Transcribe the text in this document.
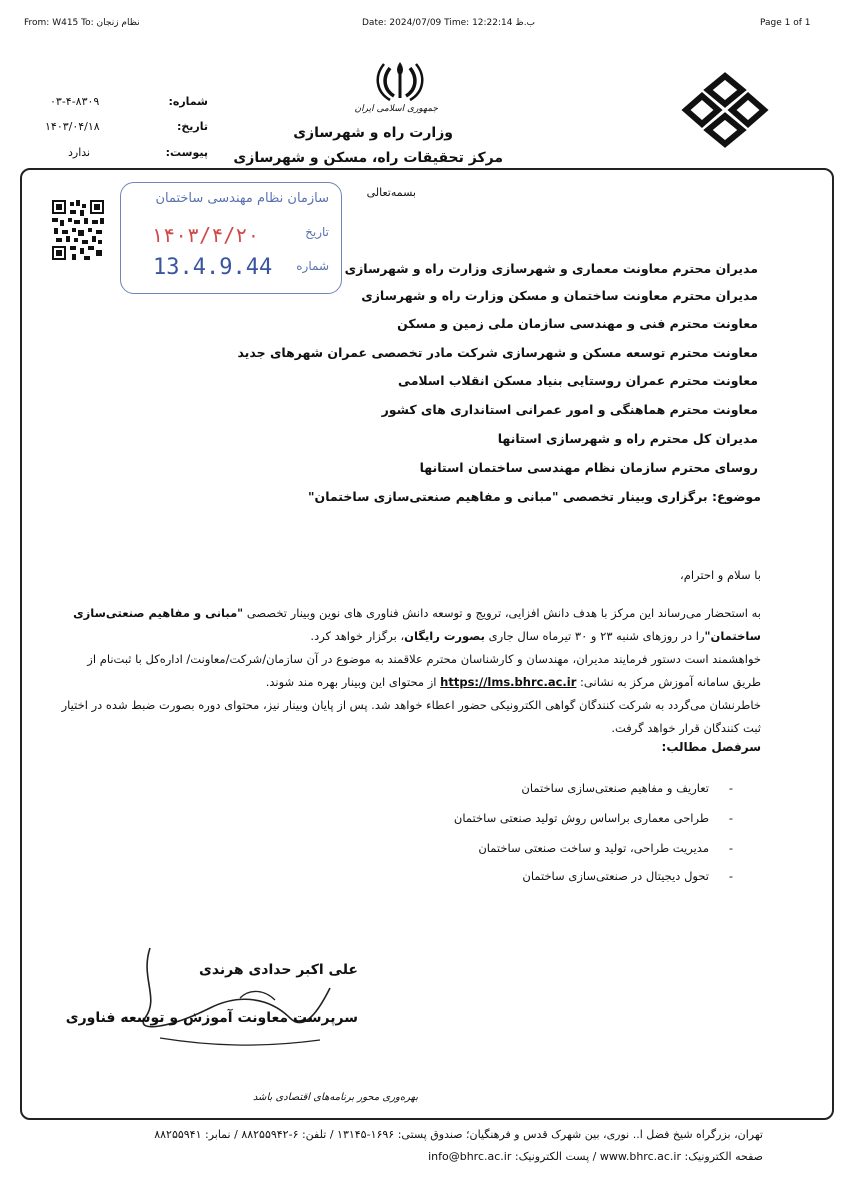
From: W415 To: نظام زنجان	Date: 2024/07/09 Time: 12:22:14 ب.ظ	Page 1 of 1
شماره:
۰۳-۴-۸۳۰۹
تاریخ:
۱۴۰۳/۰۴/۱۸
پیوست:
ندارد
جمهوری اسلامی ایران
وزارت راه و شهرسازی
مرکز تحقیقات راه، مسکن و شهرسازی
بسمه‌تعالی
سازمان نظام مهندسی ساختمان
تاریخ
۱۴۰۳/۴/۲۰
شماره
13.4.9.44	مدیران محترم معاونت معماری و شهرسازی وزارت راه و شهرسازی
مدیران محترم معاونت ساختمان و مسکن وزارت راه و شهرسازی
معاونت محترم فنی و مهندسی سازمان ملی زمین و مسکن
معاونت محترم توسعه مسکن و شهرسازی شرکت مادر تخصصی عمران شهرهای جدید
معاونت محترم عمران روستایی بنیاد مسکن انقلاب اسلامی
معاونت محترم هماهنگی و امور عمرانی استانداری های کشور
مدیران کل محترم راه و شهرسازی استانها
روسای محترم سازمان نظام مهندسی ساختمان استانها
موضوع: برگزاری وبینار تخصصی "مبانی و مفاهیم صنعتی‌سازی ساختمان"
با سلام و احترام،
به استحضار می‌رساند این مرکز با هدف دانش افزایی، ترویج و توسعه دانش فناوری های نوین وبینار تخصصی "مبانی و مفاهیم صنعتی‌سازی ساختمان"را در روزهای شنبه ۲۳ و ۳۰ تیرماه سال جاری بصورت رایگان، برگزار خواهد کرد.
خواهشمند است دستور فرمایند مدیران، مهندسان و کارشناسان محترم علاقمند به موضوع در آن سازمان/شرکت/معاونت/ اداره‌کل با ثبت‌نام از طریق سامانه آموزش مرکز به نشانی: https://lms.bhrc.ac.ir از محتوای این وبینار بهره مند شوند.
خاطرنشان می‌گردد به شرکت کنندگان گواهی الکترونیکی حضور اعطاء خواهد شد. پس از پایان وبینار نیز، محتوای دوره بصورت ضبط شده در اختیار ثبت کنندگان قرار خواهد گرفت.
سرفصل مطالب:
-تعاریف و مفاهیم صنعتی‌سازی ساختمان
-طراحی معماری براساس روش تولید صنعتی ساختمان
-مدیریت طراحی، تولید و ساخت صنعتی ساختمان
-تحول دیجیتال در صنعتی‌سازی ساختمان
علی اکبر حدادی هرندی
سرپرست معاونت آموزش و توسعه فناوری
بهره‌وری محور برنامه‌های اقتصادی باشد
تهران، بزرگراه شیخ فضل ا.. نوری، بین شهرک قدس و فرهنگیان؛ صندوق پستی: ۱۶۹۶-۱۳۱۴۵ / تلفن: ۶-۸۸۲۵۵۹۴۲ / نمابر: ۸۸۲۵۵۹۴۱
صفحه الکترونیک: www.bhrc.ac.ir / پست الکترونیک: info@bhrc.ac.ir
